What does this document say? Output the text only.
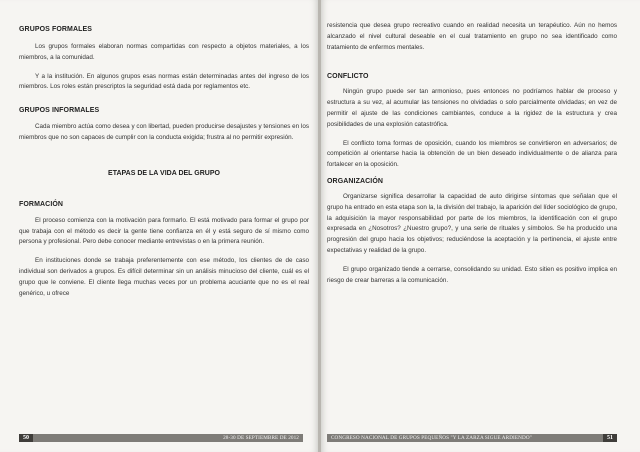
GRUPOS FORMALES

Los grupos formales elaboran normas compartidas con respecto a objetos materiales, a los miembros, a la comunidad.

Y a la institución. En algunos grupos esas normas están determinadas antes del ingreso de los miembros. Los roles están prescriptos la seguridad está dada por reglamentos etc.

GRUPOS INFORMALES

Cada miembro actúa como desea y con libertad, pueden producirse desajustes y tensiones en los miembros que no son capaces de cumplir con la conducta exigida; frustra al no permitir expresión.

ETAPAS DE LA VIDA DEL GRUPO
FORMACIÓN

El proceso comienza con la motivación para formarlo. El está motivado para formar el grupo por que trabaja con el método es decir la gente tiene confianza en él y está seguro de sí mismo como persona y profesional. Pero debe conocer mediante entrevistas o en la primera reunión.

En instituciones donde se trabaja preferentemente con ese método, los clientes de de caso individual son derivados a grupos. Es difícil determinar sin un análisis minucioso del cliente, cuál es el grupo que le conviene. El cliente llega muchas veces por un problema acuciante que no es el real genérico, u ofrece

50	28-30 DE SEPTIEMBRE DE 2012

resistencia que desea grupo recreativo cuando en realidad necesita un terapéutico. Aún no hemos alcanzado el nivel cultural deseable en el cual tratamiento en grupo no sea identificado como tratamiento de enfermos mentales.

CONFLICTO

Ningún grupo puede ser tan armonioso, pues entonces no podríamos hablar de proceso y estructura a su vez, al acumular las tensiones no olvidadas o solo parcialmente olvidadas; en vez de permitir el ajuste de las condiciones cambiantes, conduce a la rigidez de la estructura y crea posibilidades de una explosión catastrófica.

El conflicto toma formas de oposición, cuando los miembros se convirtieron en adversarios; de competición al orientarse hacia la obtención de un bien deseado individualmente o de alianza para fortalecer en la oposición.

ORGANIZACIÓN

Organizarse significa desarrollar la capacidad de auto dirigirse síntomas que señalan que el grupo ha entrado en esta etapa son la, la división del trabajo, la aparición del líder sociológico de grupo, la adquisición la mayor responsabilidad por parte de los miembros, la identificación con el grupo expresada en ¿Nosotros? ¿Nuestro grupo?, y una serie de rituales y símbolos. Se ha producido una progresión del grupo hacia los objetivos; reduciéndose la aceptación y la pertinencia, el ajuste entre expectativas y realidad de la grupo.

El grupo organizado tiende a cerrarse, consolidando su unidad. Esto sitien es positivo implica en riesgo de crear barreras a la comunicación.

CONGRESO NACIONAL DE GRUPOS PEQUEÑOS "Y LA ZARZA SIGUE ARDIENDO"	51
